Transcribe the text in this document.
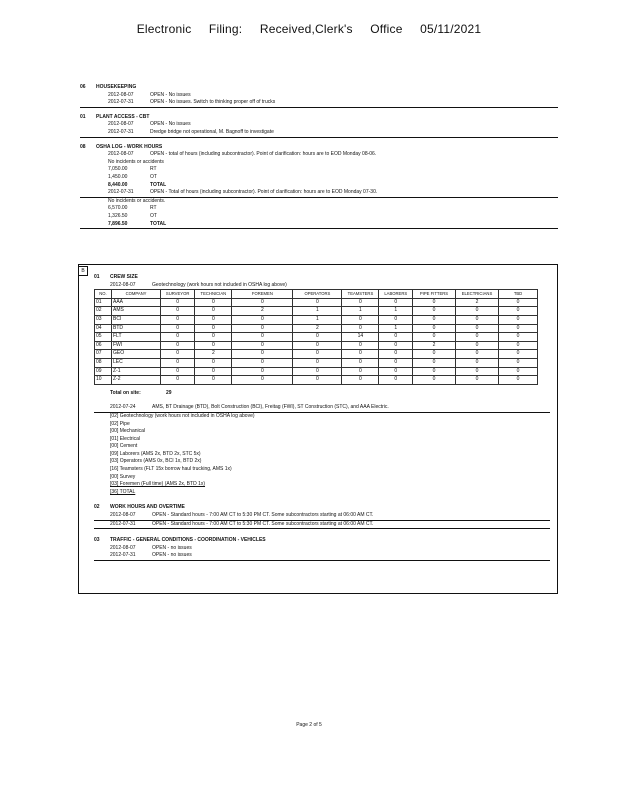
Electronic Filing: Received,Clerk's Office 05/11/2021
06	HOUSEKEEPING
2012-08-07	OPEN - No issues
2012-07-31	OPEN - No issues. Switch to thinking proper off of trucks
01	PLANT ACCESS - CBT
2012-08-07	OPEN - No issues
2012-07-31	Dredge bridge not operational, M. Bagnoff to investigate
08	OSHA LOG - WORK HOURS
2012-08-07	OPEN - total of hours (including subcontractor). Point of clarification: hours are to EOD Monday 08-06.
No incidents or accidents
7,050.00	RT
1,450.00	OT
8,440.00	TOTAL
2012-07-31	OPEN - Total of hours (including subcontractor). Point of clarification: hours are to EOD Monday 07-30.
No incidents or accidents.
6,570.00	RT
1,326.50	OT
7,896.50	TOTAL
B
01	CREW SIZE
2012-08-07	Geotechnology (work hours not included in OSHA log above)
NO.	COMPANY	SURVEYOR	TECHNICIAN	FOREMEN	OPERATORS	TEAMSTERS	LABORERS	PIPE FITTERS	ELECTRICIANS	TBD
01	AAA	0	0	0	0	0	0	0	2	0
02	AMS	0	0	2	1	1	1	0	0	0
03	BCI	0	0	0	1	0	0	0	0	0
04	BTD	0	0	0	2	0	1	0	0	0
05	FLT	0	0	0	0	14	0	0	0	0
06	FWI	0	0	0	0	0	0	2	0	0
07	GEO	0	2	0	0	0	0	0	0	0
08	LEC	0	0	0	0	0	0	0	0	0
09	Z-1	0	0	0	0	0	0	0	0	0
10	Z-2	0	0	0	0	0	0	0	0	0
Total on site:	29
2012-07-24	AMS, BT Drainage (BTD), Bolt Construction (BCI), Freitag (FWI), ST Construction (STC), and AAA Electric.
[02] Geotechnology (work hours not included in OSHA log above)
[02] Pipe
[00] Mechanical
[01] Electrical
[00] Cement
[09] Laborers (AMS 2x, BTD 2x, STC 5x)
[03] Operators (AMS 0x, BCI 1x, BTD 2x)
[16] Teamsters (FLT 15x borrow haul trucking, AMS 1x)
[00] Survey
[03] Foremen (Full time) (AMS 2x, BTD 1x)
[36] TOTAL
02	WORK HOURS AND OVERTIME
2012-08-07	OPEN - Standard hours - 7:00 AM CT to 5:30 PM CT. Some subcontractors starting at 06:00 AM CT.
2012-07-31	OPEN - Standard hours - 7:00 AM CT to 5:30 PM CT. Some subcontractors starting at 06:00 AM CT.
03	TRAFFIC - GENERAL CONDITIONS - COORDINATION - VEHICLES
2012-08-07	OPEN - no issues
2012-07-31	OPEN - no issues
Page 2 of 5
